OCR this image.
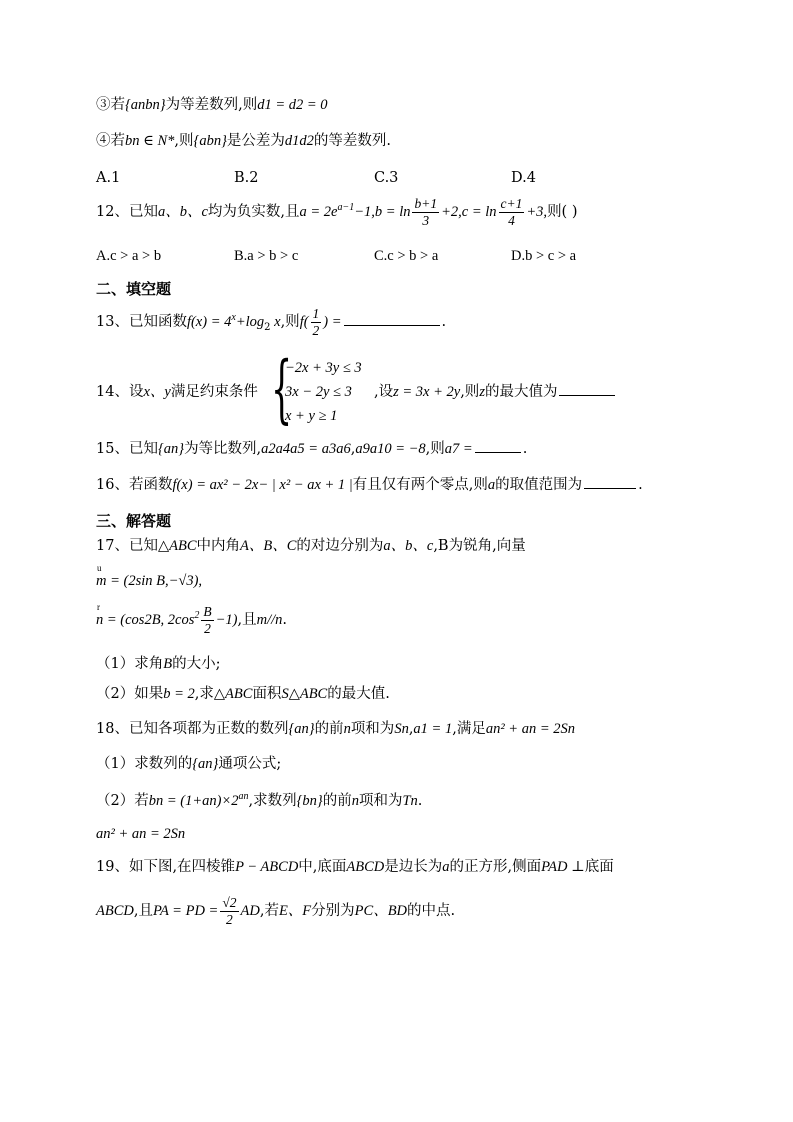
③若{anbn}为等差数列,则d1 = d2 = 0
④若bn ∈ N*,则{abn}是公差为d1d2的等差数列.
A.1	B.2	C.3	D.4
12、已知a、b、c均为负实数,且$a = 2e^{a-1}-1,b = \ln \frac{b+1}{3} +2,c = \ln \frac{c+1}{4} +3$,则( )
A.c > a > b	B.a > b > c	C.c > b > a	D.b > c > a
二、填空题
13、已知函数$f(x) = 4^x+\log_2$ x,则$f( \frac{1}{2}$ ) =	.
14、设x、y满足约束条件 {
−2x + 3y ≤ 3
3x − 2y ≤ 3
x + y ≥ 1
,设z = 3x + 2y,则z的最大值为
15、已知{an}为等比数列,a2a4a5 = a3a6,a9a10 = −8,则a7 =	.
16、若函数f(x) = ax² − 2x− | x² − ax + 1 |有且仅有两个零点,则a的取值范围为	.
三、解答题
17、已知△ABC中内角A、B、C的对边分别为a、b、c,B为锐角,向量
u
m = (2sin B,−√3),
r
n = (cos2B, $2\cos^2 \frac{B}{2} -1$),且m//n.
（1）求角B的大小;
（2）如果b = 2,求△ABC面积S△ABC的最大值.
18、已知各项都为正数的数列{an}的前n项和为Sn,a1 = 1,满足an² + an = 2Sn
（1）求数列的{an}通项公式;
（2）若bn = $(1+an)\times 2^{an}$,求数列{bn}的前n项和为Tn.
an² + an = 2Sn
19、如下图,在四棱锥P − ABCD中,底面ABCD是边长为a的正方形,侧面PAD ⊥底面
ABCD,且PA = PD = $\frac{√2}{2}$ AD,若E、F分别为PC、BD的中点.
